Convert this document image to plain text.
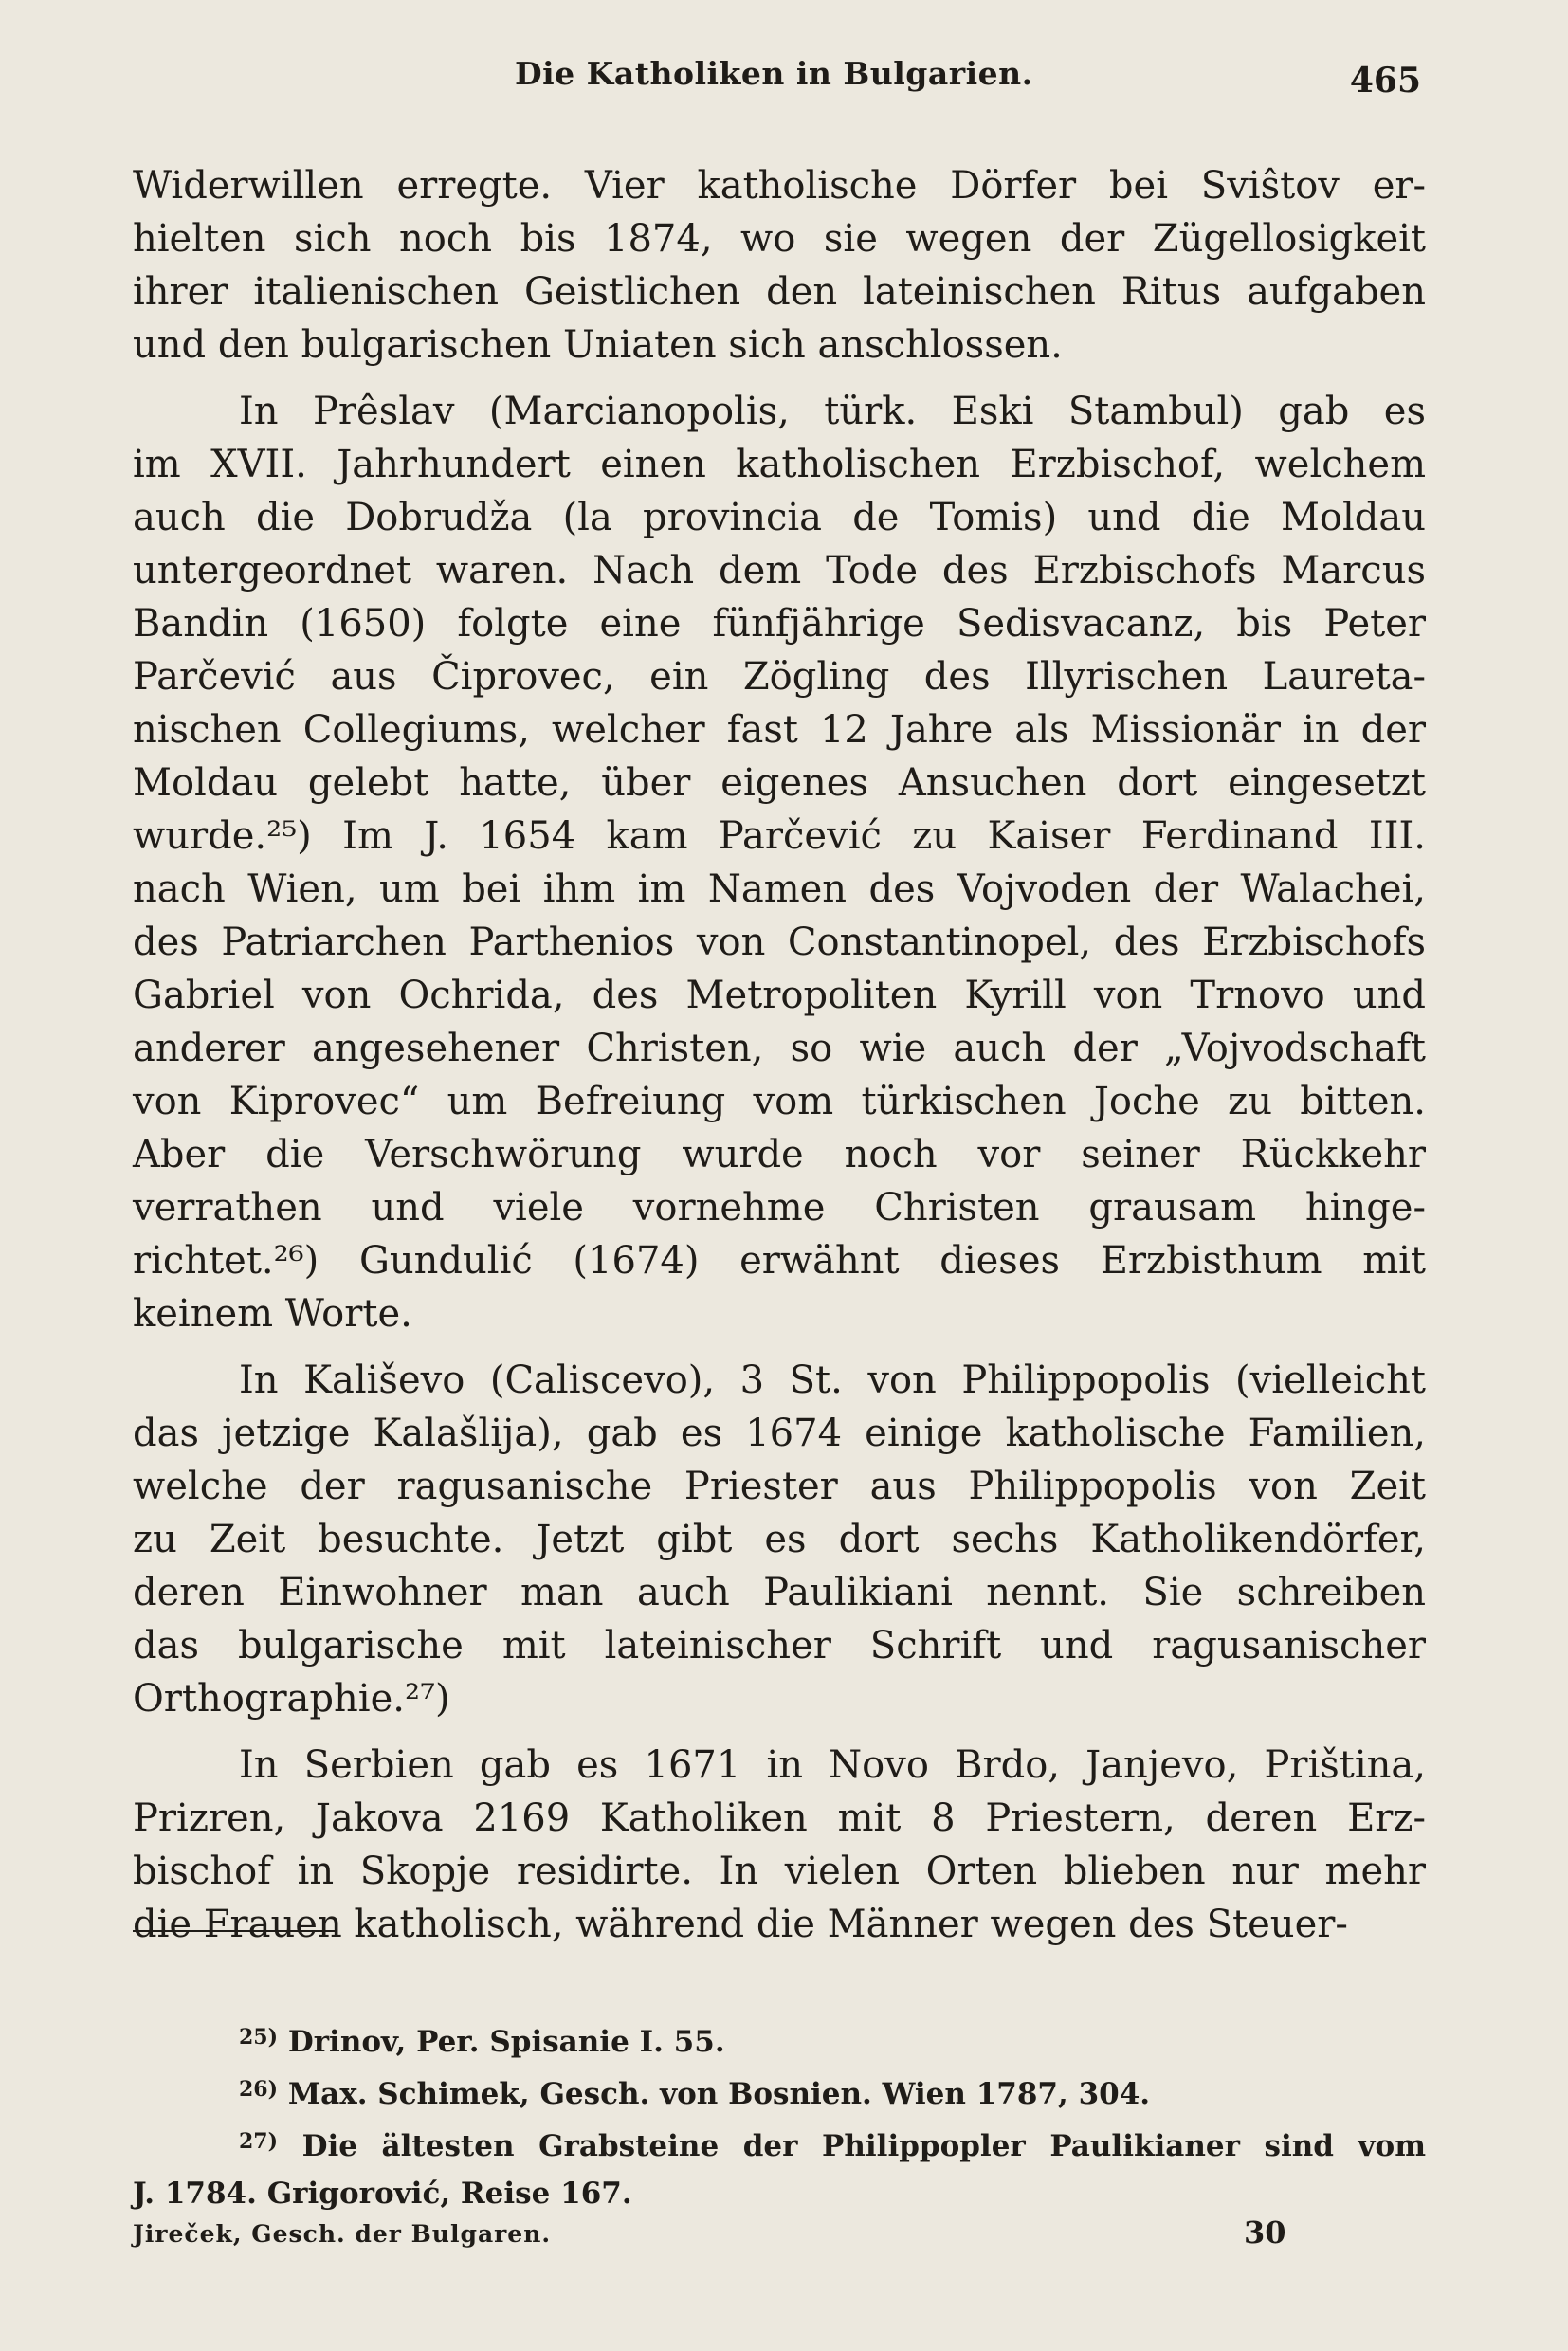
Die Katholiken in Bulgarien.	465
Widerwillen erregte. Vier katholische Dörfer bei Sviŝtov er-
hielten sich noch bis 1874, wo sie wegen der Zügellosigkeit
ihrer italienischen Geistlichen den lateinischen Ritus aufgaben
und den bulgarischen Uniaten sich anschlossen.
In Prêslav (Marcianopolis, türk. Eski Stambul) gab es
im XVII. Jahrhundert einen katholischen Erzbischof, welchem
auch die Dobrudža (la provincia de Tomis) und die Moldau
untergeordnet waren. Nach dem Tode des Erzbischofs Marcus
Bandin (1650) folgte eine fünfjährige Sedisvacanz, bis Peter
Parčević aus Čiprovec, ein Zögling des Illyrischen Laureta-
nischen Collegiums, welcher fast 12 Jahre als Missionär in der
Moldau gelebt hatte, über eigenes Ansuchen dort eingesetzt
wurde.²⁵) Im J. 1654 kam Parčević zu Kaiser Ferdinand III.
nach Wien, um bei ihm im Namen des Vojvoden der Walachei,
des Patriarchen Parthenios von Constantinopel, des Erzbischofs
Gabriel von Ochrida, des Metropoliten Kyrill von Trnovo und
anderer angesehener Christen, so wie auch der „Vojvodschaft
von Kiprovec“ um Befreiung vom türkischen Joche zu bitten.
Aber die Verschwörung wurde noch vor seiner Rückkehr
verrathen und viele vornehme Christen grausam hinge-
richtet.²⁶) Gundulić (1674) erwähnt dieses Erzbisthum mit
keinem Worte.
In Kališevo (Caliscevo), 3 St. von Philippopolis (vielleicht
das jetzige Kalašlija), gab es 1674 einige katholische Familien,
welche der ragusanische Priester aus Philippopolis von Zeit
zu Zeit besuchte. Jetzt gibt es dort sechs Katholikendörfer,
deren Einwohner man auch Paulikiani nennt. Sie schreiben
das bulgarische mit lateinischer Schrift und ragusanischer
Orthographie.²⁷)
In Serbien gab es 1671 in Novo Brdo, Janjevo, Priština,
Prizren, Jakova 2169 Katholiken mit 8 Priestern, deren Erz-
bischof in Skopje residirte. In vielen Orten blieben nur mehr
die Frauen katholisch, während die Männer wegen des Steuer-
$^{25)}$ Drinov, Per. Spisanie I. 55.
$^{26)}$ Max. Schimek, Gesch. von Bosnien. Wien 1787, 304.
$^{27)}$ Die ältesten Grabsteine der Philippopler Paulikianer sind vom
J. 1784. Grigorović, Reise 167.
Jireček, Gesch. der Bulgaren.	30
